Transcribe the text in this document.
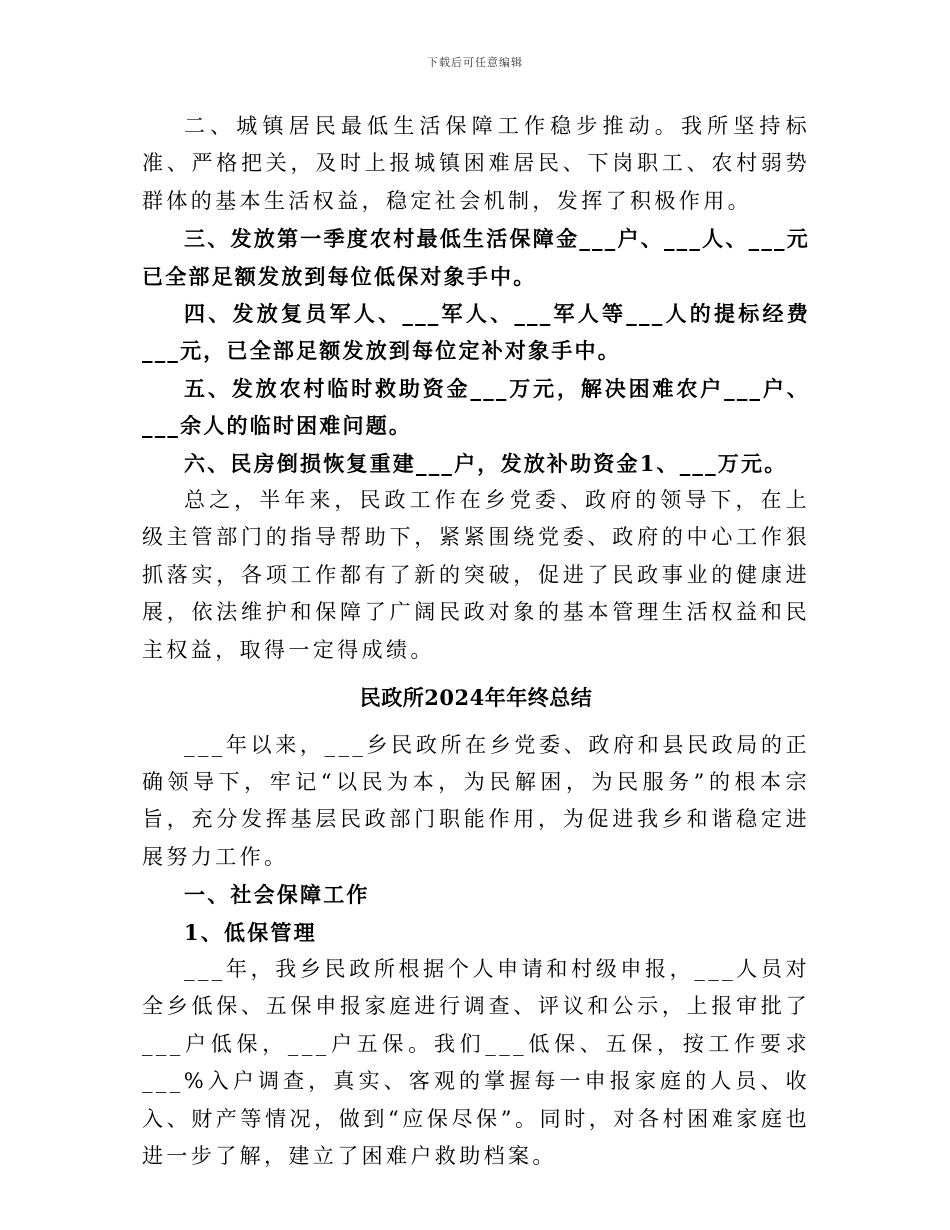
下载后可任意编辑

二、城镇居民最低生活保障工作稳步推动。我所坚持标准、严格把关，及时上报城镇困难居民、下岗职工、农村弱势群体的基本生活权益，稳定社会机制，发挥了积极作用。

三、发放第一季度农村最低生活保障金___户、___人、___元已全部足额发放到每位低保对象手中。

四、发放复员军人、___军人、___军人等___人的提标经费___元，已全部足额发放到每位定补对象手中。

五、发放农村临时救助资金___万元，解决困难农户___户、___余人的临时困难问题。

六、民房倒损恢复重建___户，发放补助资金1、___万元。

总之，半年来，民政工作在乡党委、政府的领导下，在上级主管部门的指导帮助下，紧紧围绕党委、政府的中心工作狠抓落实，各项工作都有了新的突破，促进了民政事业的健康进展，依法维护和保障了广阔民政对象的基本管理生活权益和民主权益，取得一定得成绩。

民政所2024年年终总结

___年以来，___乡民政所在乡党委、政府和县民政局的正确领导下，牢记“以民为本，为民解困，为民服务”的根本宗旨，充分发挥基层民政部门职能作用，为促进我乡和谐稳定进展努力工作。

一、社会保障工作

1、低保管理

___年，我乡民政所根据个人申请和村级申报，___人员对全乡低保、五保申报家庭进行调查、评议和公示，上报审批了___户低保，___户五保。我们___低保、五保，按工作要求___%入户调查，真实、客观的掌握每一申报家庭的人员、收入、财产等情况，做到“应保尽保”。同时，对各村困难家庭也进一步了解，建立了困难户救助档案。
